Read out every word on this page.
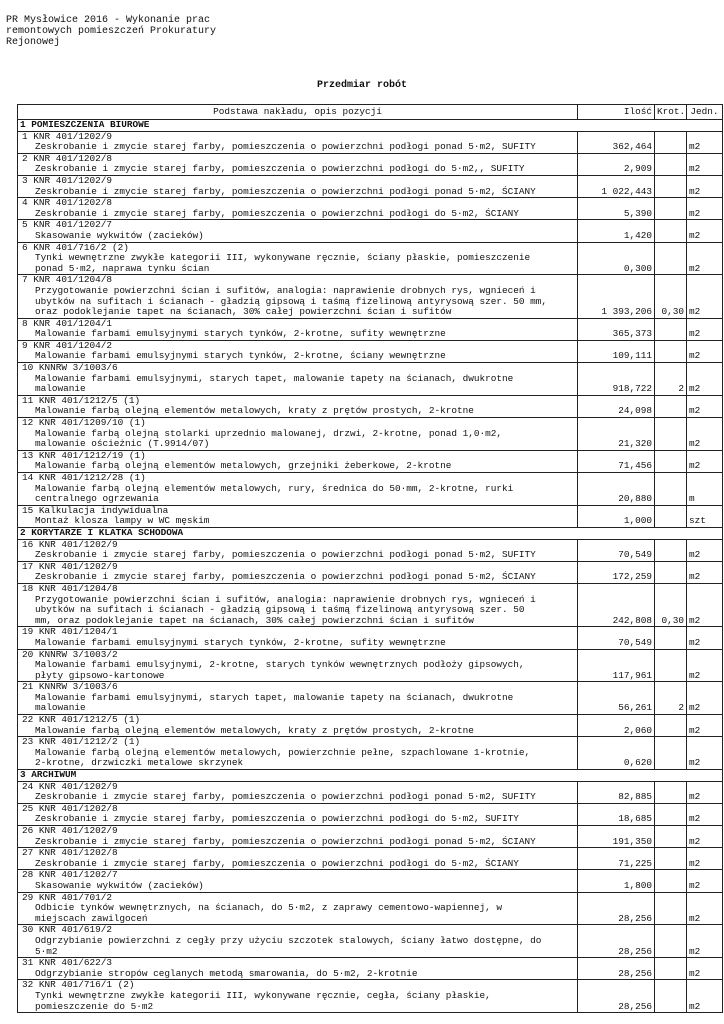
PR Mysłowice 2016 - Wykonanie prac
remontowych pomieszczeń Prokuratury
Rejonowej
Przedmiar robót
Podstawa nakładu, opis pozycji	Ilość	Krot.	Jedn.
1 POMIESZCZENIA BIUROWE			

1 KNR 401/1202/9
Zeskrobanie i zmycie starej farby, pomieszczenia o powierzchni podłogi ponad 5·m2, SUFITY	362,464		m2

2 KNR 401/1202/8
Zeskrobanie i zmycie starej farby, pomieszczenia o powierzchni podłogi do 5·m2,, SUFITY	2,909		m2

3 KNR 401/1202/9
Zeskrobanie i zmycie starej farby, pomieszczenia o powierzchni podłogi ponad 5·m2, ŚCIANY	1 022,443		m2

4 KNR 401/1202/8
Zeskrobanie i zmycie starej farby, pomieszczenia o powierzchni podłogi do 5·m2, ŚCIANY	5,390		m2

5 KNR 401/1202/7
Skasowanie wykwitów (zacieków)	1,420		m2

6 KNR 401/716/2 (2)
Tynki wewnętrzne zwykłe kategorii III, wykonywane ręcznie, ściany płaskie, pomieszczenie
ponad 5·m2, naprawa tynku ścian	0,300		m2

7 KNR 401/1204/8
Przygotowanie powierzchni ścian i sufitów, analogia: naprawienie drobnych rys, wgnieceń i
ubytków na sufitach i ścianach - gładzią gipsową i taśmą fizelinową antyrysową szer. 50 mm,
oraz podoklejanie tapet na ścianach, 30% całej powierzchni ścian i sufitów	1 393,206	0,30	m2

8 KNR 401/1204/1
Malowanie farbami emulsyjnymi starych tynków, 2-krotne, sufity wewnętrzne	365,373		m2

9 KNR 401/1204/2
Malowanie farbami emulsyjnymi starych tynków, 2-krotne, ściany wewnętrzne	109,111		m2

10 KNNRW 3/1003/6
Malowanie farbami emulsyjnymi, starych tapet, malowanie tapety na ścianach, dwukrotne
malowanie	918,722	2	m2

11 KNR 401/1212/5 (1)
Malowanie farbą olejną elementów metalowych, kraty z prętów prostych, 2-krotne	24,098		m2

12 KNR 401/1209/10 (1)
Malowanie farbą olejną stolarki uprzednio malowanej, drzwi, 2-krotne, ponad 1,0·m2,
malowanie ościeżnic (T.9914/07)	21,320		m2

13 KNR 401/1212/19 (1)
Malowanie farbą olejną elementów metalowych, grzejniki żeberkowe, 2-krotne	71,456		m2

14 KNR 401/1212/28 (1)
Malowanie farbą olejną elementów metalowych, rury, średnica do 50·mm, 2-krotne, rurki
centralnego ogrzewania	20,880		m

15 Kalkulacja indywidualna
Montaż klosza lampy w WC męskim	1,000		szt
2 KORYTARZE I KLATKA SCHODOWA			

16 KNR 401/1202/9
Zeskrobanie i zmycie starej farby, pomieszczenia o powierzchni podłogi ponad 5·m2, SUFITY	70,549		m2

17 KNR 401/1202/9
Zeskrobanie i zmycie starej farby, pomieszczenia o powierzchni podłogi ponad 5·m2, ŚCIANY	172,259		m2

18 KNR 401/1204/8
Przygotowanie powierzchni ścian i sufitów, analogia: naprawienie drobnych rys, wgnieceń i
ubytków na sufitach i ścianach - gładzią gipsową i taśmą fizelinową antyrysową szer. 50
mm, oraz podoklejanie tapet na ścianach, 30% całej powierzchni ścian i sufitów	242,808	0,30	m2

19 KNR 401/1204/1
Malowanie farbami emulsyjnymi starych tynków, 2-krotne, sufity wewnętrzne	70,549		m2

20 KNNRW 3/1003/2
Malowanie farbami emulsyjnymi, 2-krotne, starych tynków wewnętrznych podłoży gipsowych,
płyty gipsowo-kartonowe	117,961		m2

21 KNNRW 3/1003/6
Malowanie farbami emulsyjnymi, starych tapet, malowanie tapety na ścianach, dwukrotne
malowanie	56,261	2	m2

22 KNR 401/1212/5 (1)
Malowanie farbą olejną elementów metalowych, kraty z prętów prostych, 2-krotne	2,060		m2

23 KNR 401/1212/2 (1)
Malowanie farbą olejną elementów metalowych, powierzchnie pełne, szpachlowane 1-krotnie,
2-krotne, drzwiczki metalowe skrzynek	0,620		m2
3 ARCHIWUM			

24 KNR 401/1202/9
Zeskrobanie i zmycie starej farby, pomieszczenia o powierzchni podłogi ponad 5·m2, SUFITY	82,885		m2

25 KNR 401/1202/8
Zeskrobanie i zmycie starej farby, pomieszczenia o powierzchni podłogi do 5·m2, SUFITY	18,685		m2

26 KNR 401/1202/9
Zeskrobanie i zmycie starej farby, pomieszczenia o powierzchni podłogi ponad 5·m2, ŚCIANY	191,350		m2

27 KNR 401/1202/8
Zeskrobanie i zmycie starej farby, pomieszczenia o powierzchni podłogi do 5·m2, ŚCIANY	71,225		m2

28 KNR 401/1202/7
Skasowanie wykwitów (zacieków)	1,800		m2

29 KNR 401/701/2
Odbicie tynków wewnętrznych, na ścianach, do 5·m2, z zaprawy cementowo-wapiennej, w
miejscach zawilgoceń	28,256		m2

30 KNR 401/619/2
Odgrzybianie powierzchni z cegły przy użyciu szczotek stalowych, ściany łatwo dostępne, do
5·m2	28,256		m2

31 KNR 401/622/3
Odgrzybianie stropów ceglanych metodą smarowania, do 5·m2, 2-krotnie	28,256		m2

32 KNR 401/716/1 (2)
Tynki wewnętrzne zwykłe kategorii III, wykonywane ręcznie, cegła, ściany płaskie,
pomieszczenie do 5·m2	28,256		m2
